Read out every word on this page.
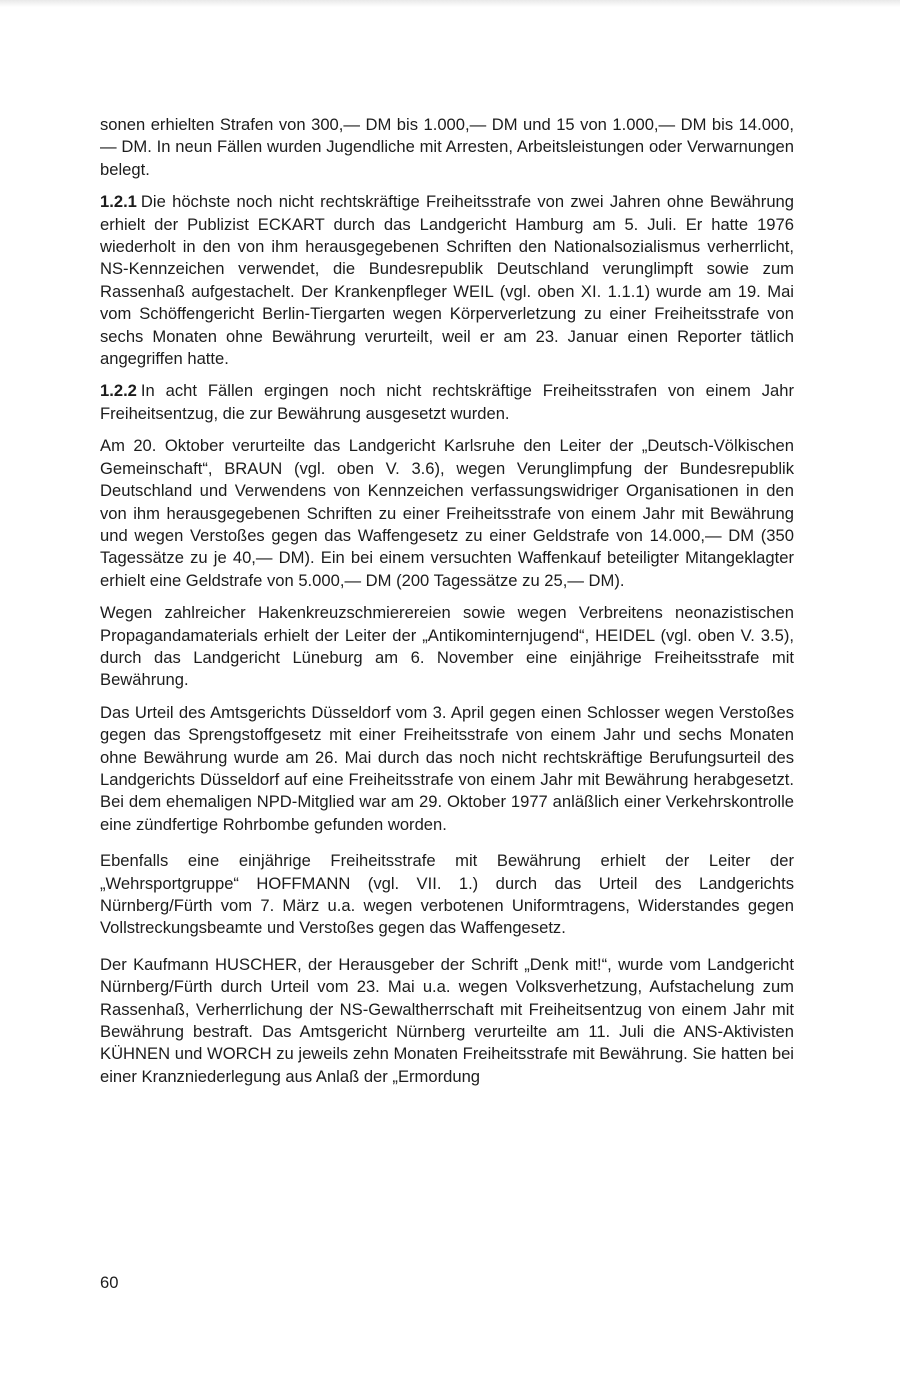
sonen erhielten Strafen von 300,— DM bis 1.000,— DM und 15 von 1.000,— DM bis 14.000,— DM. In neun Fällen wurden Jugendliche mit Arresten, Arbeitsleistungen oder Verwarnungen belegt.

1.2.1 Die höchste noch nicht rechtskräftige Freiheitsstrafe von zwei Jahren ohne Bewährung erhielt der Publizist ECKART durch das Landgericht Hamburg am 5. Juli. Er hatte 1976 wiederholt in den von ihm herausgegebenen Schriften den Nationalsozialismus verherrlicht, NS-Kennzeichen verwendet, die Bundesrepublik Deutschland verunglimpft sowie zum Rassenhaß aufgestachelt. Der Krankenpfleger WEIL (vgl. oben XI. 1.1.1) wurde am 19. Mai vom Schöffengericht Berlin-Tiergarten wegen Körperverletzung zu einer Freiheitsstrafe von sechs Monaten ohne Bewährung verurteilt, weil er am 23. Januar einen Reporter tätlich angegriffen hatte.

1.2.2 In acht Fällen ergingen noch nicht rechtskräftige Freiheitsstrafen von einem Jahr Freiheitsentzug, die zur Bewährung ausgesetzt wurden.

Am 20. Oktober verurteilte das Landgericht Karlsruhe den Leiter der „Deutsch-Völkischen Gemeinschaft“, BRAUN (vgl. oben V. 3.6), wegen Verunglimpfung der Bundesrepublik Deutschland und Verwendens von Kennzeichen verfassungswidriger Organisationen in den von ihm herausgegebenen Schriften zu einer Freiheitsstrafe von einem Jahr mit Bewährung und wegen Verstoßes gegen das Waffengesetz zu einer Geldstrafe von 14.000,— DM (350 Tagessätze zu je 40,— DM). Ein bei einem versuchten Waffenkauf beteiligter Mitangeklagter erhielt eine Geldstrafe von 5.000,— DM (200 Tagessätze zu 25,— DM).

Wegen zahlreicher Hakenkreuzschmierereien sowie wegen Verbreitens neonazistischen Propagandamaterials erhielt der Leiter der „Antikominternjugend“, HEIDEL (vgl. oben V. 3.5), durch das Landgericht Lüneburg am 6. November eine einjährige Freiheitsstrafe mit Bewährung.

Das Urteil des Amtsgerichts Düsseldorf vom 3. April gegen einen Schlosser wegen Verstoßes gegen das Sprengstoffgesetz mit einer Freiheitsstrafe von einem Jahr und sechs Monaten ohne Bewährung wurde am 26. Mai durch das noch nicht rechtskräftige Berufungsurteil des Landgerichts Düsseldorf auf eine Freiheitsstrafe von einem Jahr mit Bewährung herabgesetzt. Bei dem ehemaligen NPD-Mitglied war am 29. Oktober 1977 anläßlich einer Verkehrskontrolle eine zündfertige Rohrbombe gefunden worden.

Ebenfalls eine einjährige Freiheitsstrafe mit Bewährung erhielt der Leiter der „Wehrsportgruppe“ HOFFMANN (vgl. VII. 1.) durch das Urteil des Landgerichts Nürnberg/Fürth vom 7. März u.a. wegen verbotenen Uniformtragens, Widerstandes gegen Vollstreckungsbeamte und Verstoßes gegen das Waffengesetz.

Der Kaufmann HUSCHER, der Herausgeber der Schrift „Denk mit!“, wurde vom Landgericht Nürnberg/Fürth durch Urteil vom 23. Mai u.a. wegen Volksverhetzung, Aufstachelung zum Rassenhaß, Verherrlichung der NS-Gewaltherrschaft mit Freiheitsentzug von einem Jahr mit Bewährung bestraft. Das Amtsgericht Nürnberg verurteilte am 11. Juli die ANS-Aktivisten KÜHNEN und WORCH zu jeweils zehn Monaten Freiheitsstrafe mit Bewährung. Sie hatten bei einer Kranzniederlegung aus Anlaß der „Ermordung

60
